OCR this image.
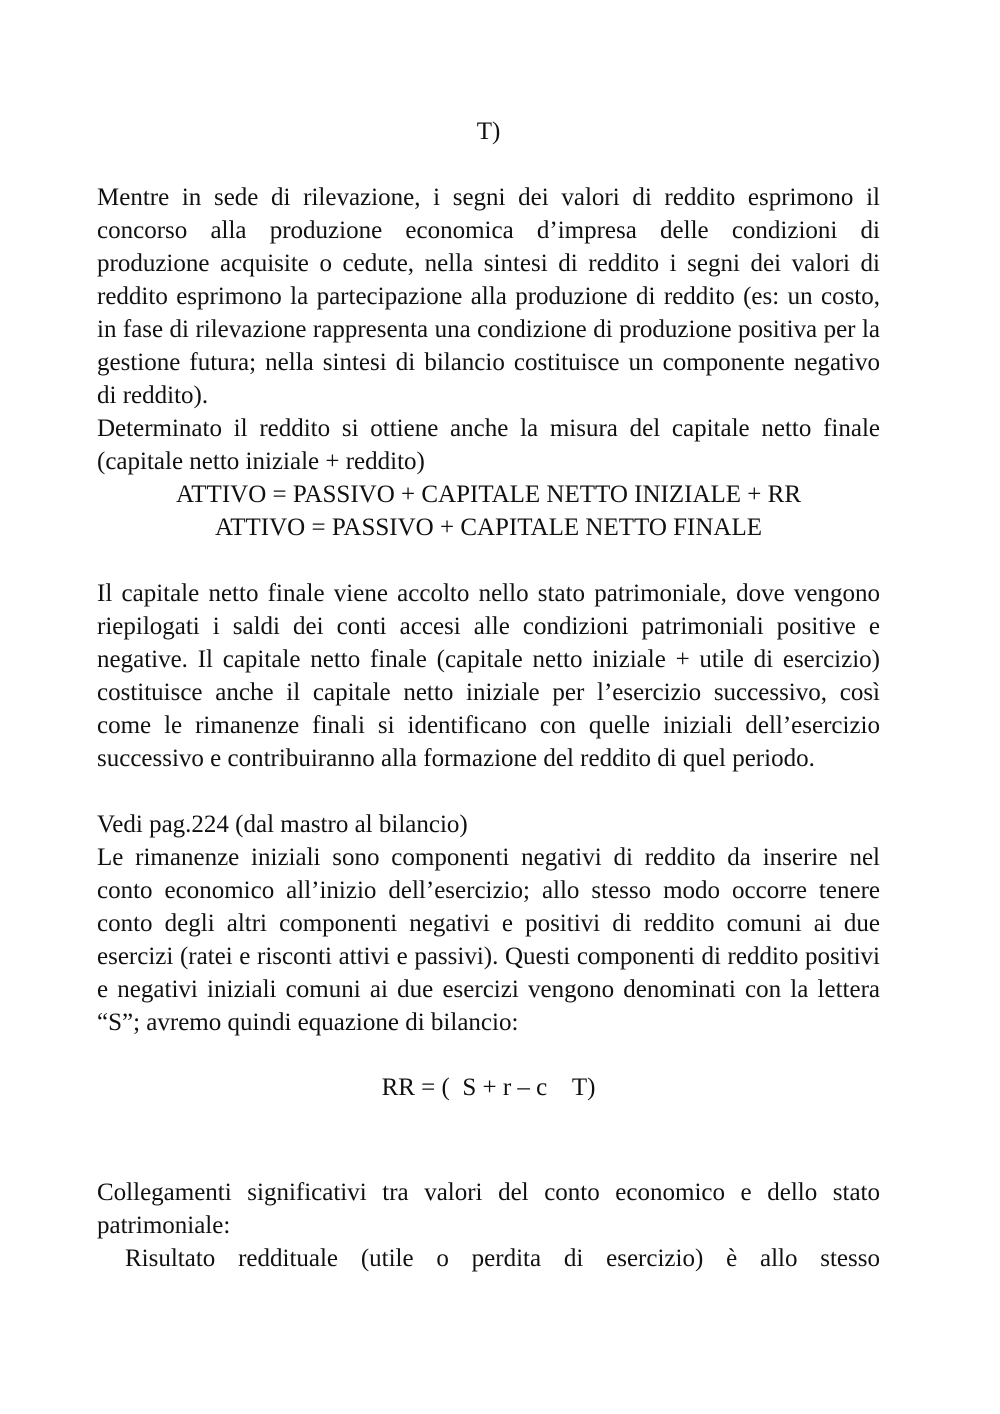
T)
Mentre in sede di rilevazione, i segni dei valori di reddito esprimono il concorso alla produzione economica d’impresa delle condizioni di produzione acquisite o cedute, nella sintesi di reddito i segni dei valori di reddito esprimono la partecipazione alla produzione di reddito (es: un costo, in fase di rilevazione rappresenta una condizione di produzione positiva per la gestione futura; nella sintesi di bilancio costituisce un componente negativo di reddito).
Determinato il reddito si ottiene anche la misura del capitale netto finale (capitale netto iniziale + reddito)
ATTIVO = PASSIVO + CAPITALE NETTO INIZIALE + RR
ATTIVO = PASSIVO + CAPITALE NETTO FINALE
Il capitale netto finale viene accolto nello stato patrimoniale, dove vengono riepilogati i saldi dei conti accesi alle condizioni patrimoniali positive e negative. Il capitale netto finale (capitale netto iniziale + utile di esercizio) costituisce anche il capitale netto iniziale per l’esercizio successivo, così come le rimanenze finali si identificano con quelle iniziali dell’esercizio successivo e contribuiranno alla formazione del reddito di quel periodo.
Vedi pag.224 (dal mastro al bilancio)
Le rimanenze iniziali sono componenti negativi di reddito da inserire nel conto economico all’inizio dell’esercizio; allo stesso modo occorre tenere conto degli altri componenti negativi e positivi di reddito comuni ai due esercizi (ratei e risconti attivi e passivi). Questi componenti di reddito positivi e negativi iniziali comuni ai due esercizi vengono denominati con la lettera “S”; avremo quindi equazione di bilancio:
RR = (  S + r – c    T)
Collegamenti significativi tra valori del conto economico e dello stato patrimoniale:
Risultato reddituale (utile o perdita di esercizio) è allo stesso
